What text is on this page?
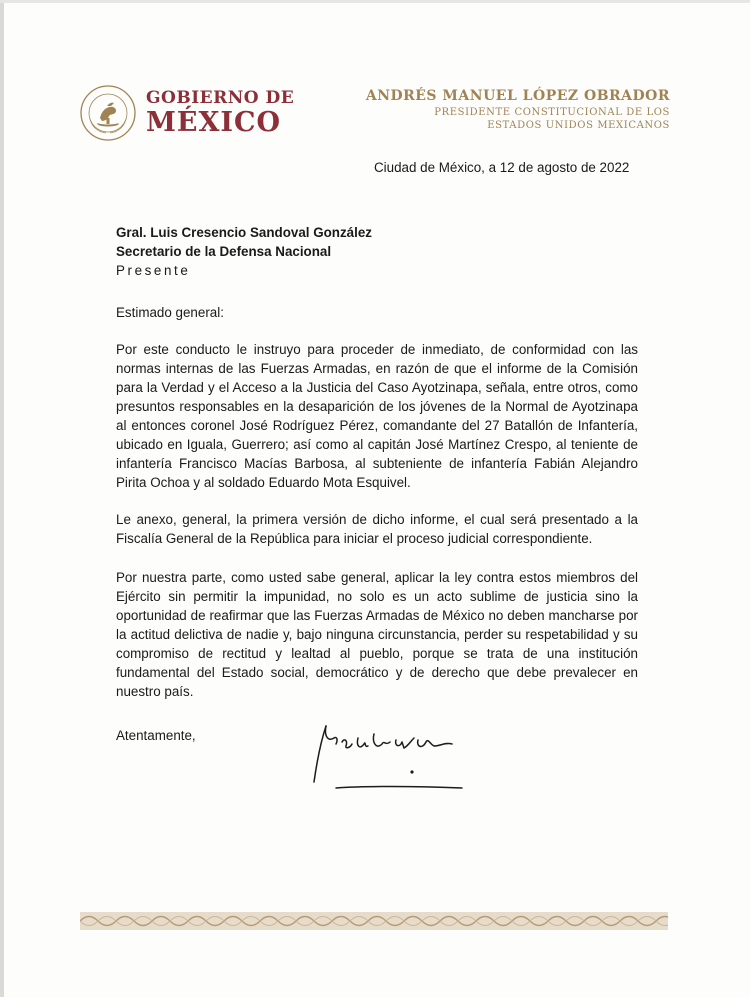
GOBIERNO DE
MÉXICO
ANDRÉS MANUEL LÓPEZ OBRADOR
PRESIDENTE CONSTITUCIONAL DE LOS
ESTADOS UNIDOS MEXICANOS
Ciudad de México, a 12 de agosto de 2022
Gral. Luis Cresencio Sandoval González
Secretario de la Defensa Nacional
Presente
Estimado general:
Por este conducto le instruyo para proceder de inmediato, de conformidad con las normas internas de las Fuerzas Armadas, en razón de que el informe de la Comisión para la Verdad y el Acceso a la Justicia del Caso Ayotzinapa, señala, entre otros, como presuntos responsables en la desaparición de los jóvenes de la Normal de Ayotzinapa al entonces coronel José Rodríguez Pérez, comandante del 27 Batallón de Infantería, ubicado en Iguala, Guerrero; así como al capitán José Martínez Crespo, al teniente de infantería Francisco Macías Barbosa, al subteniente de infantería Fabián Alejandro Pirita Ochoa y al soldado Eduardo Mota Esquivel.
Le anexo, general, la primera versión de dicho informe, el cual será presentado a la Fiscalía General de la República para iniciar el proceso judicial correspondiente.
Por nuestra parte, como usted sabe general, aplicar la ley contra estos miembros del Ejército sin permitir la impunidad, no solo es un acto sublime de justicia sino la oportunidad de reafirmar que las Fuerzas Armadas de México no deben mancharse por la actitud delictiva de nadie y, bajo ninguna circunstancia, perder su respetabilidad y su compromiso de rectitud y lealtad al pueblo, porque se trata de una institución fundamental del Estado social, democrático y de derecho que debe prevalecer en nuestro país.
Atentamente,
